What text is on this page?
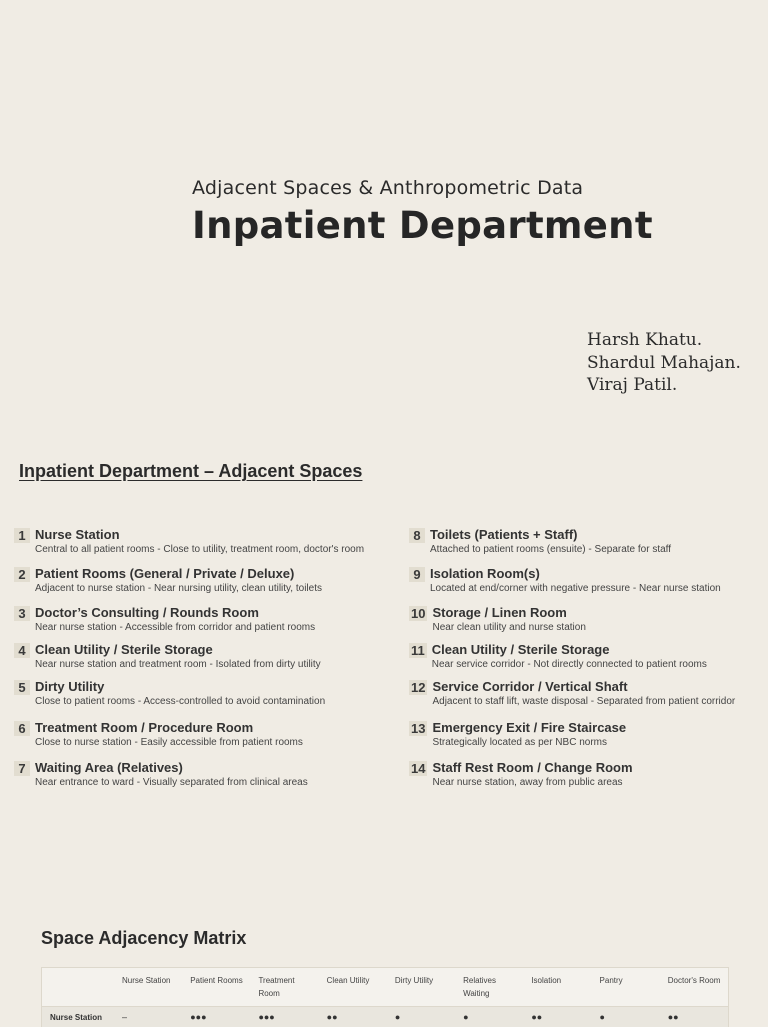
Adjacent Spaces & Anthropometric Data
Inpatient Department
Harsh Khatu.
Shardul Mahajan.
Viraj Patil.
Inpatient Department – Adjacent Spaces
1 Nurse Station
Central to all patient rooms - Close to utility, treatment room, doctor's room
2 Patient Rooms (General / Private / Deluxe)
Adjacent to nurse station - Near nursing utility, clean utility, toilets
3 Doctor’s Consulting / Rounds Room
Near nurse station - Accessible from corridor and patient rooms
4 Clean Utility / Sterile Storage
Near nurse station and treatment room - Isolated from dirty utility
5 Dirty Utility
Close to patient rooms - Access-controlled to avoid contamination
6 Treatment Room / Procedure Room
Close to nurse station - Easily accessible from patient rooms
7 Waiting Area (Relatives)
Near entrance to ward - Visually separated from clinical areas
8 Toilets (Patients + Staff)
Attached to patient rooms (ensuite) - Separate for staff
9 Isolation Room(s)
Located at end/corner with negative pressure - Near nurse station
10 Storage / Linen Room
Near clean utility and nurse station
11 Clean Utility / Sterile Storage
Near service corridor - Not directly connected to patient rooms
12 Service Corridor / Vertical Shaft
Adjacent to staff lift, waste disposal - Separated from patient corridor
13 Emergency Exit / Fire Staircase
Strategically located as per NBC norms
14 Staff Rest Room / Change Room
Near nurse station, away from public areas
Space Adjacency Matrix
	Nurse Station	Patient Rooms	Treatment Room	Clean Utility	Dirty Utility	Relatives Waiting	Isolation	Pantry	Doctor's Room
Nurse Station	–	●●●	●●●	●●	●	●	●●	●	●●
